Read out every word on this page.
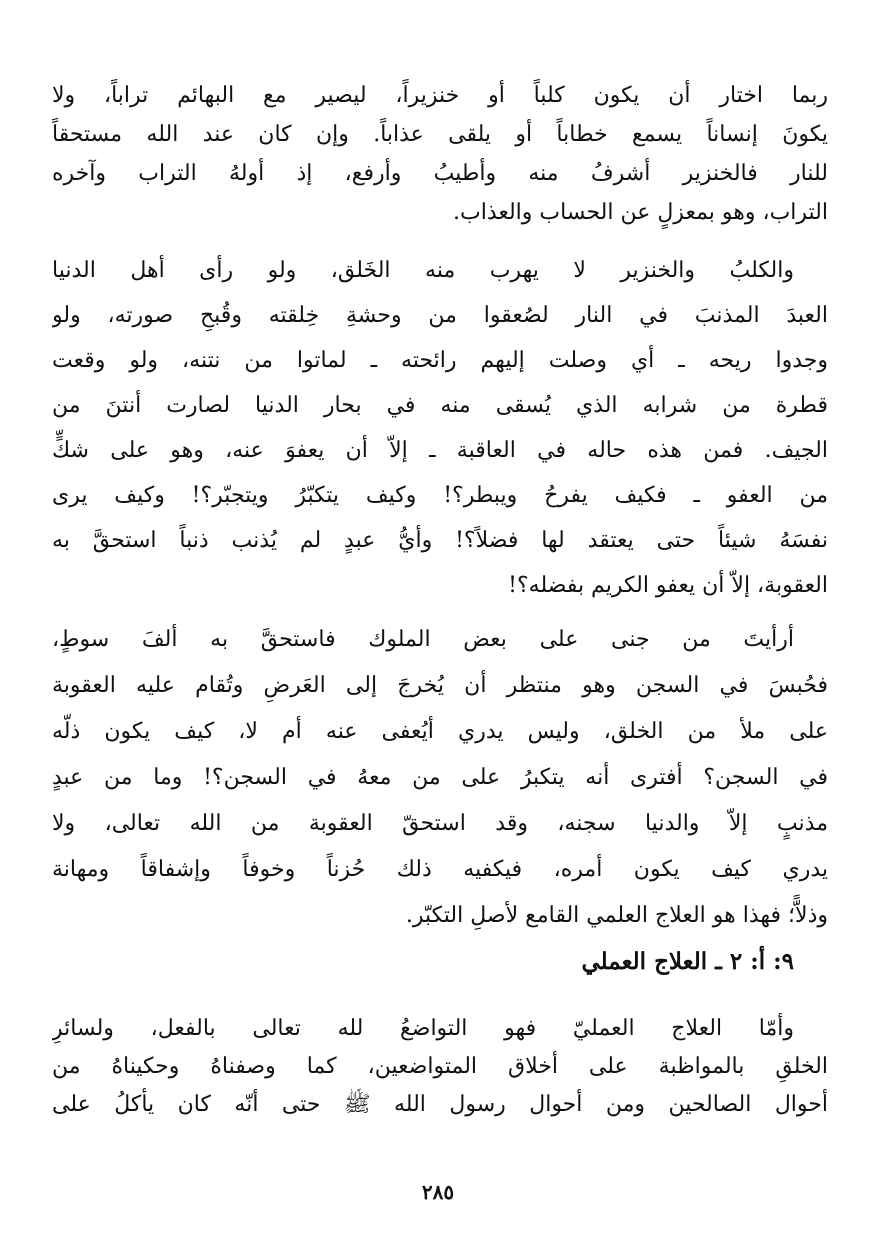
ربما اختار أن يكون كلباً أو خنزيراً، ليصير مع البهائم تراباً، ولا
يكونَ إنساناً يسمع خطاباً أو يلقى عذاباً. وإن كان عند الله مستحقاً
للنار فالخنزير أشرفُ منه وأطيبُ وأرفع، إذ أولهُ التراب وآخره
التراب، وهو بمعزلٍ عن الحساب والعذاب.
والكلبُ والخنزير لا يهرب منه الخَلق، ولو رأى أهل الدنيا
العبدَ المذنبَ في النار لصُعقوا من وحشةِ خِلقته وقُبحِ صورته، ولو
وجدوا ريحه ـ أي وصلت إليهم رائحته ـ لماتوا من نتنه، ولو وقعت
قطرة من شرابه الذي يُسقى منه في بحار الدنيا لصارت أنتنَ من
الجيف. فمن هذه حاله في العاقبة ـ إلاّ أن يعفوَ عنه، وهو على شكٍّ
من العفو ـ فكيف يفرحُ ويبطر؟! وكيف يتكبّرُ ويتجبّر؟! وكيف يرى
نفسَهُ شيئاً حتى يعتقد لها فضلاً؟! وأيُّ عبدٍ لم يُذنب ذنباً استحقَّ به
العقوبة، إلاّ أن يعفو الكريم بفضله؟!
أرأيتَ من جنى على بعض الملوك فاستحقَّ به ألفَ سوطٍ،
فحُبسَ في السجن وهو منتظر أن يُخرجَ إلى العَرضِ وتُقام عليه العقوبة
على ملأ من الخلق، وليس يدري أيُعفى عنه أم لا، كيف يكون ذلّه
في السجن؟ أفترى أنه يتكبرُ على من معهُ في السجن؟! وما من عبدٍ
مذنبٍ إلاّ والدنيا سجنه، وقد استحقّ العقوبة من الله تعالى، ولا
يدري كيف يكون أمره، فيكفيه ذلك حُزناً وخوفاً وإشفاقاً ومهانة
وذلاًّ؛ فهذا هو العلاج العلمي القامع لأصلِ التكبّر.
٩: أ: ٢ ـ العلاج العملي
وأمّا العلاج العمليّ فهو التواضعُ لله تعالى بالفعل، ولسائرِ
الخلقِ بالمواظبة على أخلاق المتواضعين، كما وصفناهُ وحكيناهُ من
أحوال الصالحين ومن أحوال رسول الله ﷺ حتى أنّه كان يأكلُ على
٢٨٥
